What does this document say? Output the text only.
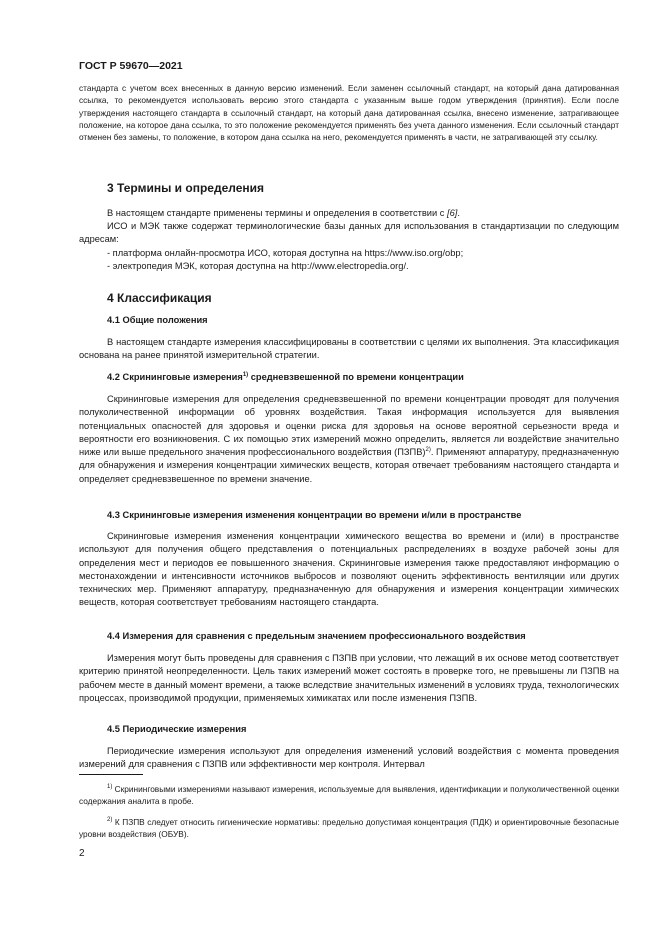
ГОСТ Р 59670—2021

стандарта с учетом всех внесенных в данную версию изменений. Если заменен ссылочный стандарт, на который дана датированная ссылка, то рекомендуется использовать версию этого стандарта с указанным выше годом утверждения (принятия). Если после утверждения настоящего стандарта в ссылочный стандарт, на который дана датированная ссылка, внесено изменение, затрагивающее положение, на которое дана ссылка, то это положение рекомендуется применять без учета данного изменения. Если ссылочный стандарт отменен без замены, то положение, в котором дана ссылка на него, рекомендуется применять в части, не затрагивающей эту ссылку.

3 Термины и определения

В настоящем стандарте применены термины и определения в соответствии с [6].

ИСО и МЭК также содержат терминологические базы данных для использования в стандартизации по следующим адресам:

- платформа онлайн-просмотра ИСО, которая доступна на https://www.iso.org/obp;

- электропедия МЭК, которая доступна на http://www.electropedia.org/.

4 Классификация

4.1 Общие положения

В настоящем стандарте измерения классифицированы в соответствии с целями их выполнения. Эта классификация основана на ранее принятой измерительной стратегии.

4.2 Скрининговые измерения$^{1)}$ средневзвешенной по времени концентрации

Скрининговые измерения для определения средневзвешенной по времени концентрации проводят для получения полуколичественной информации об уровнях воздействия. Такая информация используется для выявления потенциальных опасностей для здоровья и оценки риска для здоровья на основе вероятной серьезности вреда и вероятности его возникновения. С их помощью этих измерений можно определить, является ли воздействие значительно ниже или выше предельного значения профессионального воздействия (ПЗПВ)$^{2)}$. Применяют аппаратуру, предназначенную для обнаружения и измерения концентрации химических веществ, которая отвечает требованиям настоящего стандарта и определяет средневзвешенное по времени значение.

4.3 Скрининговые измерения изменения концентрации во времени и/или в пространстве

Скрининговые измерения изменения концентрации химического вещества во времени и (или) в пространстве используют для получения общего представления о потенциальных распределениях в воздухе рабочей зоны для определения мест и периодов ее повышенного значения. Скрининговые измерения также предоставляют информацию о местонахождении и интенсивности источников выбросов и позволяют оценить эффективность вентиляции или других технических мер. Применяют аппаратуру, предназначенную для обнаружения и измерения концентрации химических веществ, которая соответствует требованиям настоящего стандарта.

4.4 Измерения для сравнения с предельным значением профессионального воздействия

Измерения могут быть проведены для сравнения с ПЗПВ при условии, что лежащий в их основе метод соответствует критерию принятой неопределенности. Цель таких измерений может состоять в проверке того, не превышены ли ПЗПВ на рабочем месте в данный момент времени, а также вследствие значительных изменений в условиях труда, технологических процессах, производимой продукции, применяемых химикатах или после изменения ПЗПВ.

4.5 Периодические измерения

Периодические измерения используют для определения изменений условий воздействия с момента проведения измерений для сравнения с ПЗПВ или эффективности мер контроля. Интервал

$^{1)}$ Скрининговыми измерениями называют измерения, используемые для выявления, идентификации и полуколичественной оценки содержания аналита в пробе.

$^{2)}$ К ПЗПВ следует относить гигиенические нормативы: предельно допустимая концентрация (ПДК) и ориентировочные безопасные уровни воздействия (ОБУВ).

2
